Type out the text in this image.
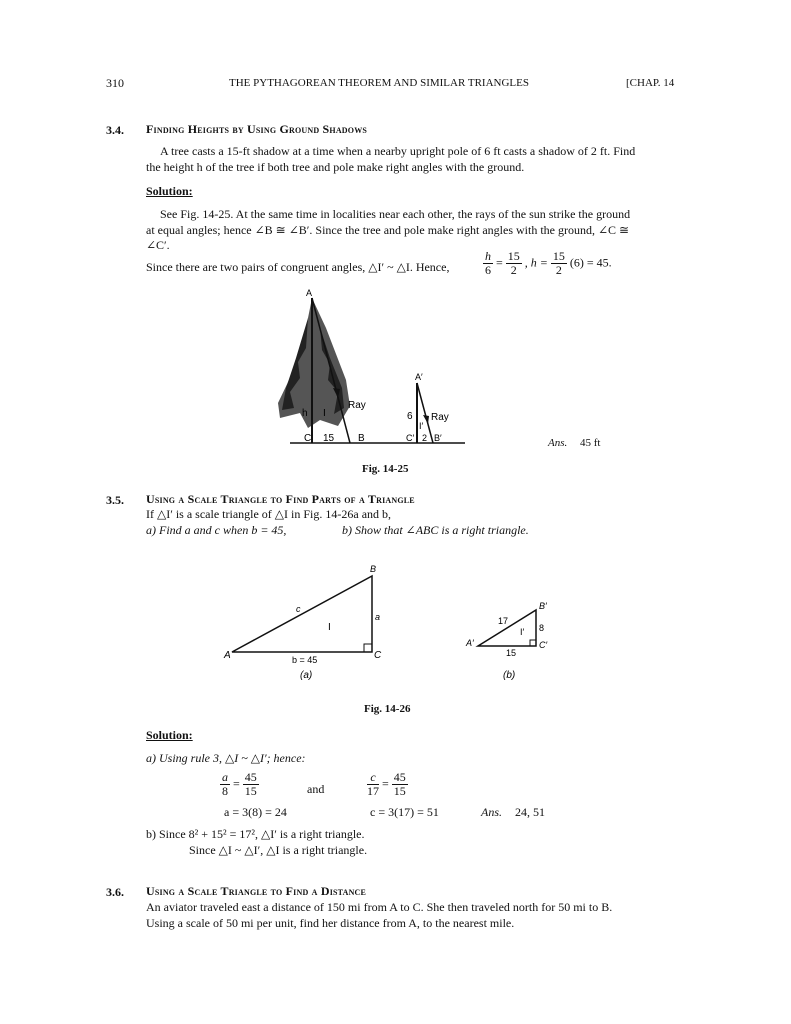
310	THE PYTHAGOREAN THEOREM AND SIMILAR TRIANGLES	[CHAP. 14
3.4. Finding Heights by Using Ground Shadows
A tree casts a 15-ft shadow at a time when a nearby upright pole of 6 ft casts a shadow of 2 ft. Find
the height h of the tree if both tree and pole make right angles with the ground.
Solution:
See Fig. 14-25. At the same time in localities near each other, the rays of the sun strike the ground
at equal angles; hence ∠B ≅ ∠B′. Since the tree and pole make right angles with the ground, ∠C ≅
∠C′.
Since there are two pairs of congruent angles, △I′ ~ △I. Hence,	$\frac{h}{6} = \frac{15}{2}$ , $h = \frac{15}{2} (6) = 45$.
A
h I
Ray
C 15 B
A′
6
I′
Ray
C′ 2 B′	Ans. 45 ft
Fig. 14-25
3.5. Using a Scale Triangle to Find Parts of a Triangle
If △I′ is a scale triangle of △I in Fig. 14-26a and b,
a) Find a and c when b = 45,	b) Show that ∠ABC is a right triangle.
B
c
a
I
A	b = 45	C
(a)
B′
17
I′ 8
A′	C′
15
(b)
Fig. 14-26
Solution:
a) Using rule 3, △I ~ △I′; hence:
$\frac{a}{8} = \frac{45}{15}$	and	$\frac{c}{17} = \frac{45}{15}$
a = 3(8) = 24	c = 3(17) = 51	Ans. 24, 51
b) Since 8² + 15² = 17², △I′ is a right triangle.
Since △I ~ △I′, △I is a right triangle.
3.6. Using a Scale Triangle to Find a Distance
An aviator traveled east a distance of 150 mi from A to C. She then traveled north for 50 mi to B.
Using a scale of 50 mi per unit, find her distance from A, to the nearest mile.
